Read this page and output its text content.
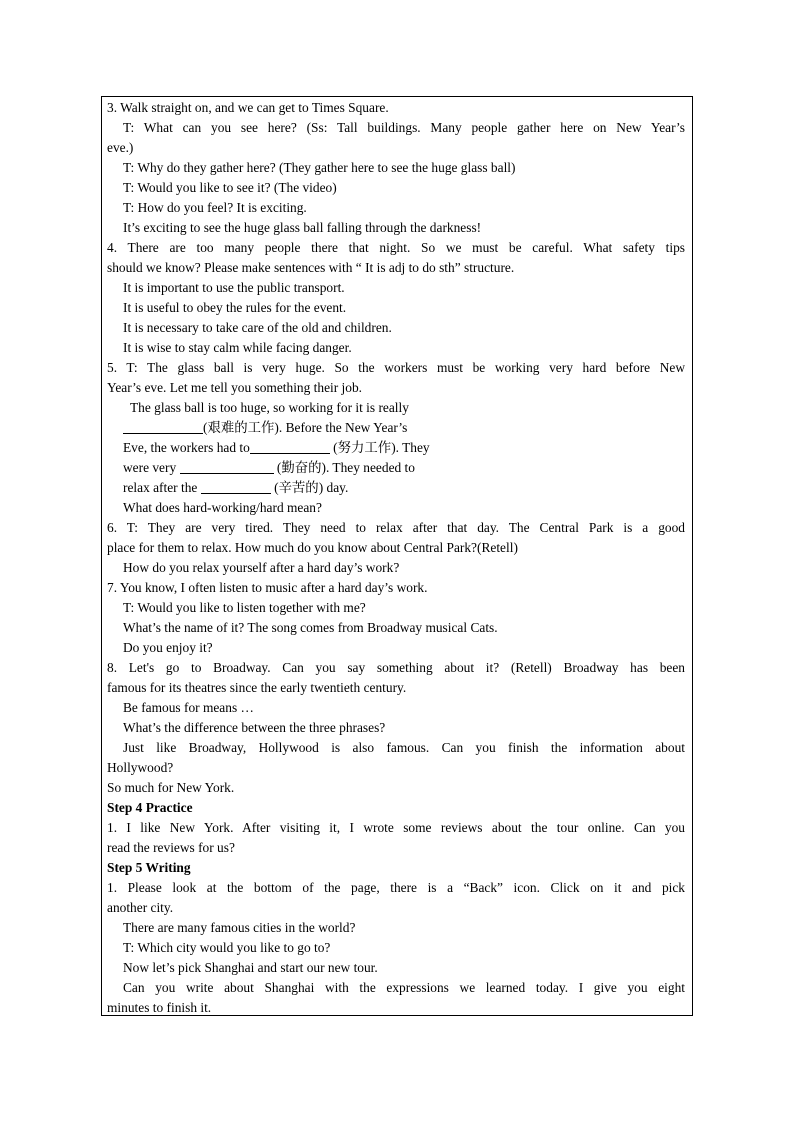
3. Walk straight on, and we can get to Times Square.
T: What can you see here? (Ss: Tall buildings. Many people gather here on New Year’s
eve.)
T: Why do they gather here? (They gather here to see the huge glass ball)
T: Would you like to see it? (The video)
T: How do you feel? It is exciting.
It’s exciting to see the huge glass ball falling through the darkness!
4. There are too many people there that night. So we must be careful. What safety tips
should we know? Please make sentences with “ It is adj to do sth” structure.
It is important to use the public transport.
It is useful to obey the rules for the event.
It is necessary to take care of the old and children.
It is wise to stay calm while facing danger.
5. T: The glass ball is very huge. So the workers must be working very hard before New
Year’s eve. Let me tell you something their job.
The glass ball is too huge, so working for it is really
(艰难的工作). Before the New Year’s
Eve, the workers had to	(努力工作). They
were very	(勤奋的). They needed to
relax after the	(辛苦的) day.
What does hard-working/hard mean?
6. T: They are very tired. They need to relax after that day. The Central Park is a good
place for them to relax. How much do you know about Central Park?(Retell)
How do you relax yourself after a hard day’s work?
7. You know, I often listen to music after a hard day’s work.
T: Would you like to listen together with me?
What’s the name of it? The song comes from Broadway musical Cats.
Do you enjoy it?
8. Let's go to Broadway. Can you say something about it? (Retell) Broadway has been
famous for its theatres since the early twentieth century.
Be famous for means …
What’s the difference between the three phrases?
Just like Broadway, Hollywood is also famous. Can you finish the information about
Hollywood?
So much for New York.
Step 4 Practice
1. I like New York. After visiting it, I wrote some reviews about the tour online. Can you
read the reviews for us?
Step 5 Writing
1. Please look at the bottom of the page, there is a “Back” icon. Click on it and pick
another city.
There are many famous cities in the world?
T: Which city would you like to go to?
Now let’s pick Shanghai and start our new tour.
Can you write about Shanghai with the expressions we learned today. I give you eight
minutes to finish it.
